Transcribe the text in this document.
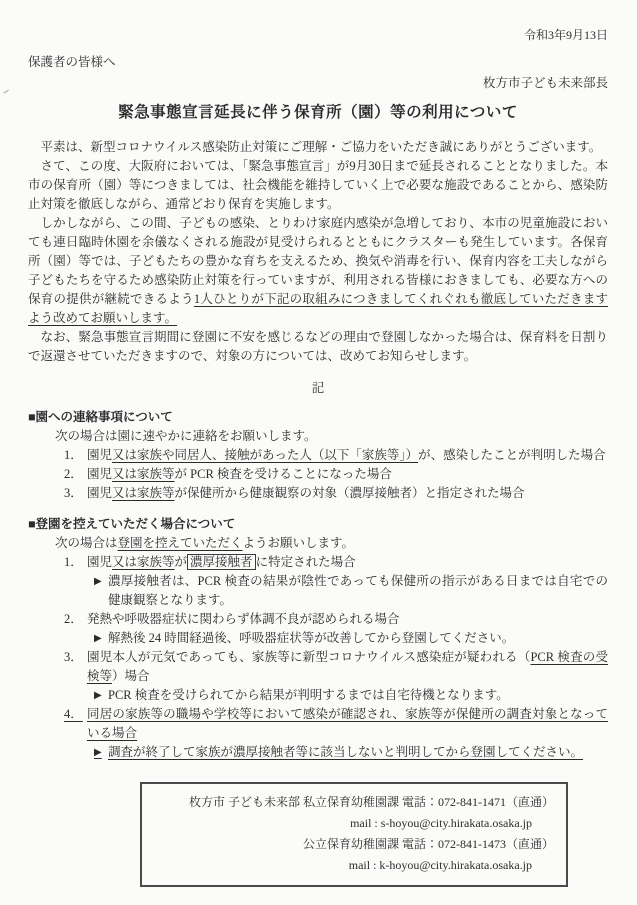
令和3年9月13日
保護者の皆様へ
枚方市子ども未来部長
緊急事態宣言延長に伴う保育所（園）等の利用について

平素は、新型コロナウイルス感染防止対策にご理解・ご協力をいただき誠にありがとうございます。

さて、この度、大阪府においては、「緊急事態宣言」が9月30日まで延長されることとなりました。本市の保育所（園）等につきましては、社会機能を維持していく上で必要な施設であることから、感染防止対策を徹底しながら、通常どおり保育を実施します。

しかしながら、この間、子どもの感染、とりわけ家庭内感染が急増しており、本市の児童施設においても連日臨時休園を余儀なくされる施設が見受けられるとともにクラスターも発生しています。各保育所（園）等では、子どもたちの豊かな育ちを支えるため、換気や消毒を行い、保育内容を工夫しながら子どもたちを守るため感染防止対策を行っていますが、利用される皆様におきましても、必要な方への保育の提供が継続できるよう1人ひとりが下記の取組みにつきましてくれぐれも徹底していただきますよう改めてお願いします。

なお、緊急事態宣言期間に登園に不安を感じるなどの理由で登園しなかった場合は、保育料を日割りで返還させていただきますので、対象の方については、改めてお知らせします。

記
■園への連絡事項について
次の場合は園に速やかに連絡をお願いします。
1． 園児又は家族や同居人、接触があった人（以下「家族等」）が、感染したことが判明した場合
2． 園児又は家族等が PCR 検査を受けることになった場合
3． 園児又は家族等が保健所から健康観察の対象（濃厚接触者）と指定された場合
■登園を控えていただく場合について
次の場合は登園を控えていただくようお願いします。
1． 園児又は家族等が 濃厚接触者 に特定された場合
▶ 濃厚接触者は、PCR 検査の結果が陰性であっても保健所の指示がある日までは自宅での健康観察となります。
2． 発熱や呼吸器症状に関わらず体調不良が認められる場合
▶ 解熱後 24 時間経過後、呼吸器症状等が改善してから登園してください。
3． 園児本人が元気であっても、家族等に新型コロナウイルス感染症が疑われる（PCR 検査の受検等）場合
▶ PCR 検査を受けられてから結果が判明するまでは自宅待機となります。
4． 同居の家族等の職場や学校等において感染が確認され、家族等が保健所の調査対象となっている場合
▶ 調査が終了して家族が濃厚接触者等に該当しないと判明してから登園してください。
枚方市 子ども未来部 私立保育幼稚園課 電話：072-841-1471（直通）
mail : s-hoyou@city.hirakata.osaka.jp
公立保育幼稚園課 電話：072-841-1473（直通）
mail : k-hoyou@city.hirakata.osaka.jp
